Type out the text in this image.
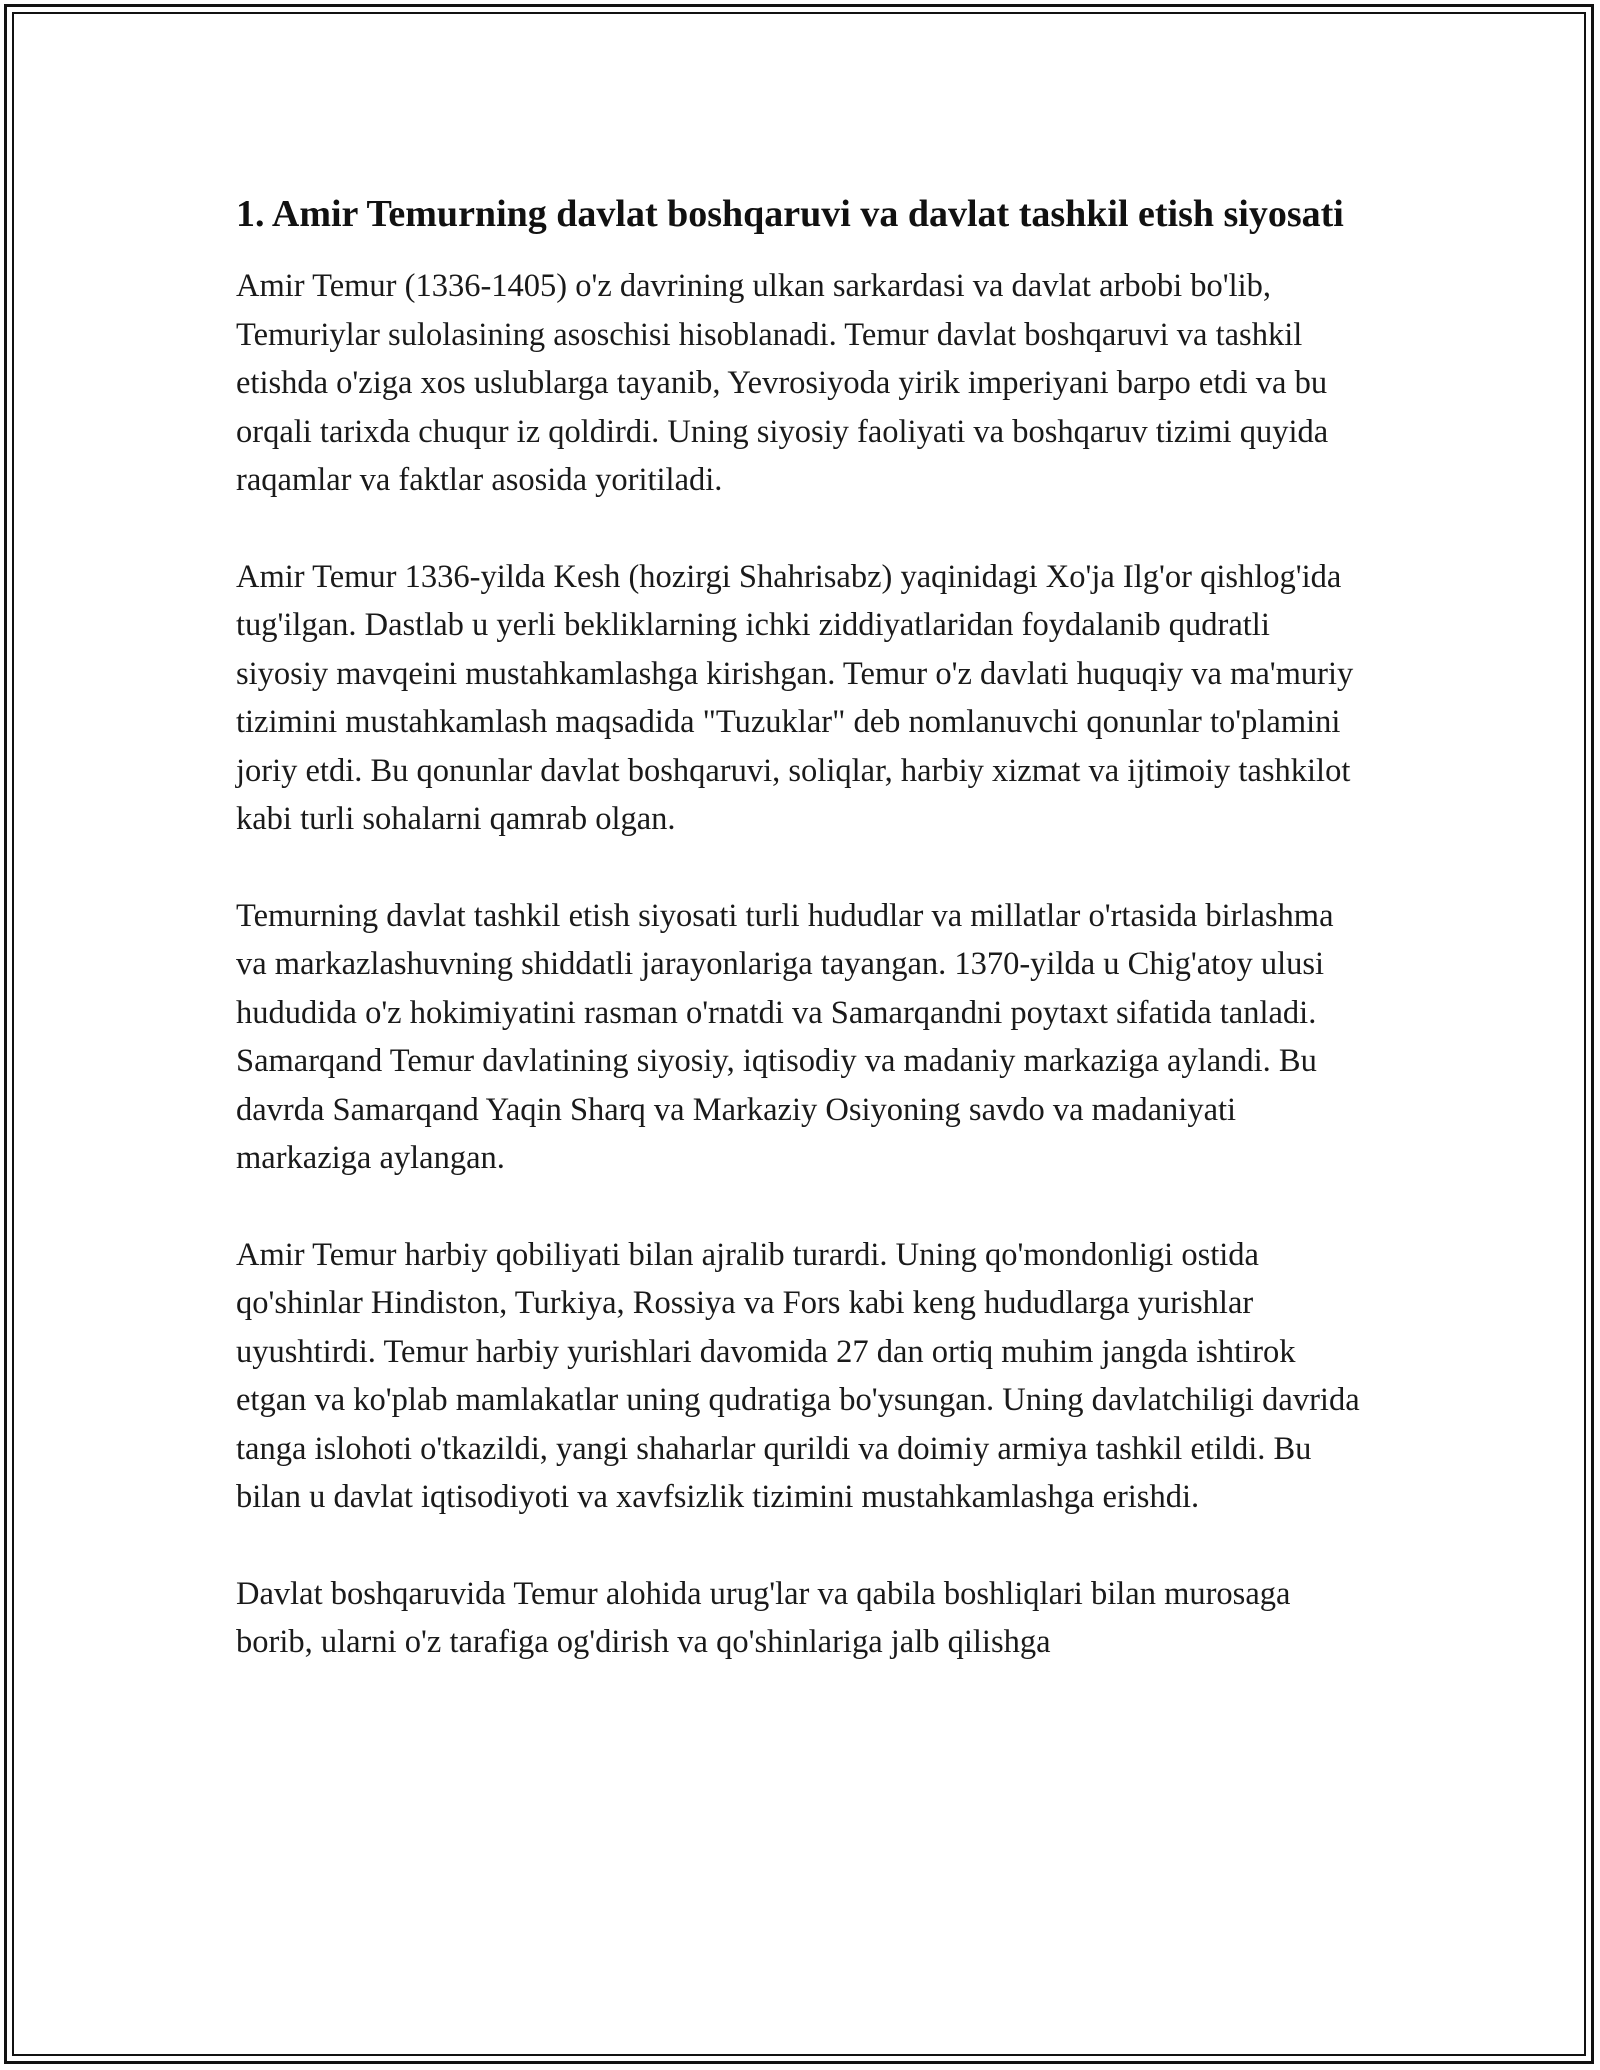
1. Amir Temurning davlat boshqaruvi va davlat tashkil etish siyosati

Amir Temur (1336-1405) o'z davrining ulkan sarkardasi va davlat arbobi bo'lib, Temuriylar sulolasining asoschisi hisoblanadi. Temur davlat boshqaruvi va tashkil etishda o'ziga xos uslublarga tayanib, Yevrosiyoda yirik imperiyani barpo etdi va bu orqali tarixda chuqur iz qoldirdi. Uning siyosiy faoliyati va boshqaruv tizimi quyida raqamlar va faktlar asosida yoritiladi.

Amir Temur 1336-yilda Kesh (hozirgi Shahrisabz) yaqinidagi Xo'ja Ilg'or qishlog'ida tug'ilgan. Dastlab u yerli bekliklarning ichki ziddiyatlaridan foydalanib qudratli siyosiy mavqeini mustahkamlashga kirishgan. Temur o'z davlati huquqiy va ma'muriy tizimini mustahkamlash maqsadida "Tuzuklar" deb nomlanuvchi qonunlar to'plamini joriy etdi. Bu qonunlar davlat boshqaruvi, soliqlar, harbiy xizmat va ijtimoiy tashkilot kabi turli sohalarni qamrab olgan.

Temurning davlat tashkil etish siyosati turli hududlar va millatlar o'rtasida birlashma va markazlashuvning shiddatli jarayonlariga tayangan. 1370-yilda u Chig'atoy ulusi hududida o'z hokimiyatini rasman o'rnatdi va Samarqandni poytaxt sifatida tanladi. Samarqand Temur davlatining siyosiy, iqtisodiy va madaniy markaziga aylandi. Bu davrda Samarqand Yaqin Sharq va Markaziy Osiyoning savdo va madaniyati markaziga aylangan.

Amir Temur harbiy qobiliyati bilan ajralib turardi. Uning qo'mondonligi ostida qo'shinlar Hindiston, Turkiya, Rossiya va Fors kabi keng hududlarga yurishlar uyushtirdi. Temur harbiy yurishlari davomida 27 dan ortiq muhim jangda ishtirok etgan va ko'plab mamlakatlar uning qudratiga bo'ysungan. Uning davlatchiligi davrida tanga islohoti o'tkazildi, yangi shaharlar qurildi va doimiy armiya tashkil etildi. Bu bilan u davlat iqtisodiyoti va xavfsizlik tizimini mustahkamlashga erishdi.

Davlat boshqaruvida Temur alohida urug'lar va qabila boshliqlari bilan murosaga borib, ularni o'z tarafiga og'dirish va qo'shinlariga jalb qilishga
